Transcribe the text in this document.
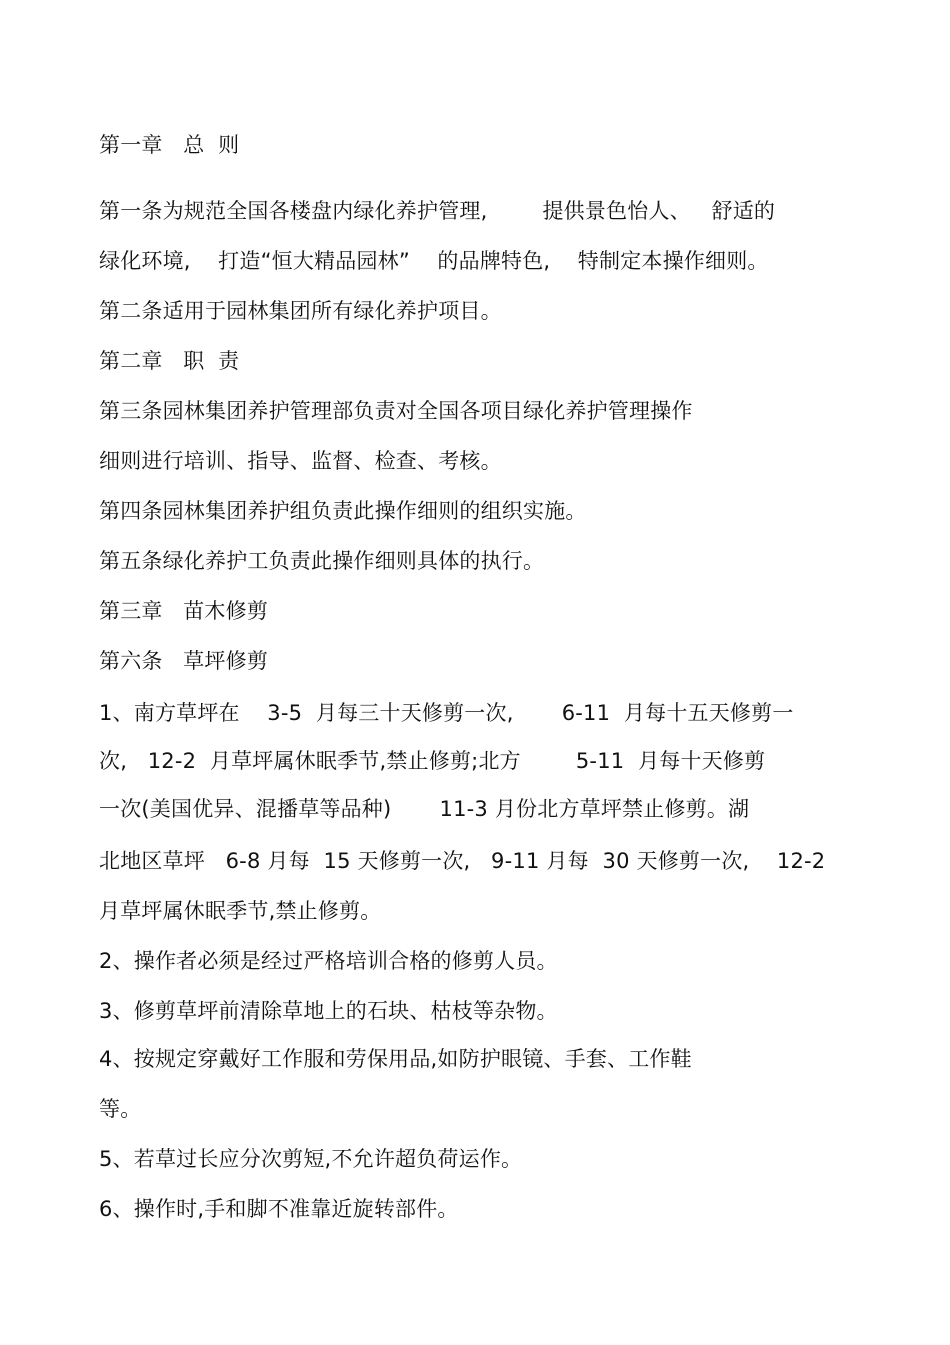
第一章   总  则
第一条为规范全国各楼盘内绿化养护管理,        提供景色怡人、   舒适的
绿化环境,    打造“恒大精品园林”    的品牌特色,    特制定本操作细则。
第二条适用于园林集团所有绿化养护项目。
第二章   职  责
第三条园林集团养护管理部负责对全国各项目绿化养护管理操作
细则进行培训、指导、监督、检查、考核。
第四条园林集团养护组负责此操作细则的组织实施。
第五条绿化养护工负责此操作细则具体的执行。
第三章   苗木修剪
第六条   草坪修剪
1、南方草坪在    3-5  月每三十天修剪一次,       6-11  月每十五天修剪一
次,   12-2  月草坪属休眠季节,禁止修剪;北方        5-11  月每十天修剪
一次(美国优异、混播草等品种)       11-3 月份北方草坪禁止修剪。湖
北地区草坪   6-8 月每  15 天修剪一次,   9-11 月每  30 天修剪一次,    12-2
月草坪属休眠季节,禁止修剪。
2、操作者必须是经过严格培训合格的修剪人员。
3、修剪草坪前清除草地上的石块、枯枝等杂物。
4、按规定穿戴好工作服和劳保用品,如防护眼镜、手套、工作鞋
等。
5、若草过长应分次剪短,不允许超负荷运作。
6、操作时,手和脚不准靠近旋转部件。
